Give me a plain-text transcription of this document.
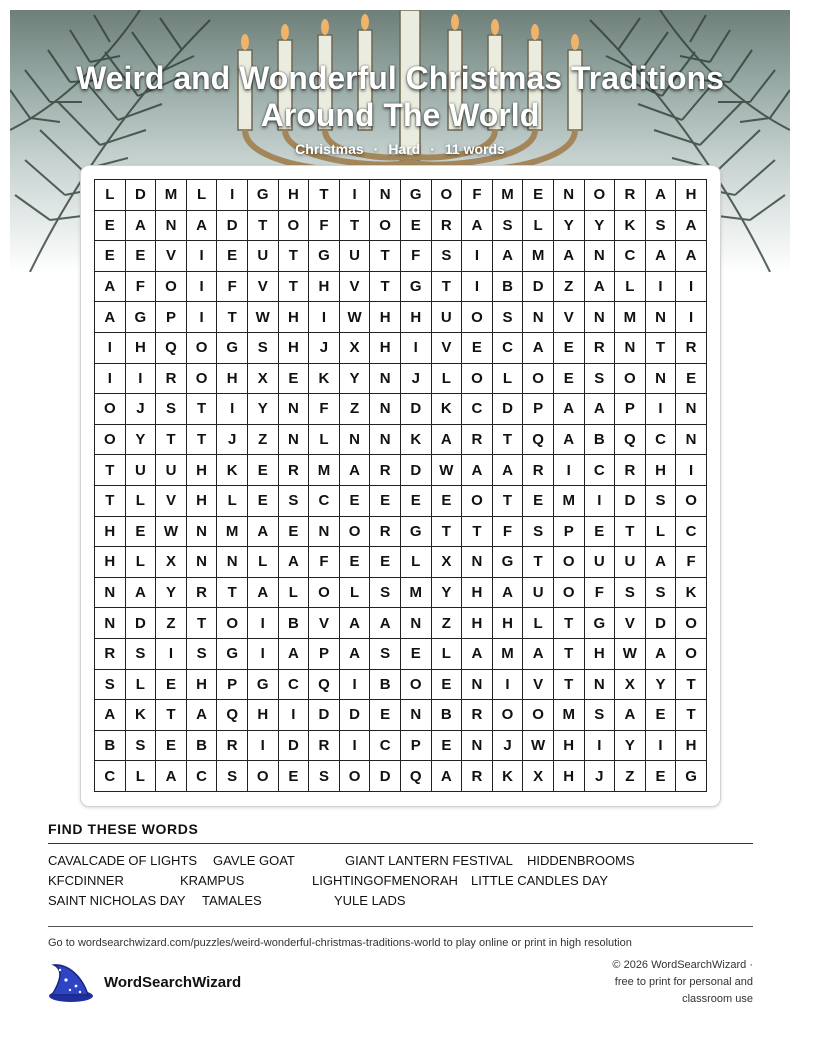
Weird and Wonderful Christmas Traditions Around The World
Christmas · Hard · 11 words
L	D	M	L	I	G	H	T	I	N	G	O	F	M	E	N	O	R	A	H
E	A	N	A	D	T	O	F	T	O	E	R	A	S	L	Y	Y	K	S	A
E	E	V	I	E	U	T	G	U	T	F	S	I	A	M	A	N	C	A	A
A	F	O	I	F	V	T	H	V	T	G	T	I	B	D	Z	A	L	I	I
A	G	P	I	T	W	H	I	W	H	H	U	O	S	N	V	N	M	N	I
I	H	Q	O	G	S	H	J	X	H	I	V	E	C	A	E	R	N	T	R
I	I	R	O	H	X	E	K	Y	N	J	L	O	L	O	E	S	O	N	E
O	J	S	T	I	Y	N	F	Z	N	D	K	C	D	P	A	A	P	I	N
O	Y	T	T	J	Z	N	L	N	N	K	A	R	T	Q	A	B	Q	C	N
T	U	U	H	K	E	R	M	A	R	D	W	A	A	R	I	C	R	H	I
T	L	V	H	L	E	S	C	E	E	E	E	O	T	E	M	I	D	S	O
H	E	W	N	M	A	E	N	O	R	G	T	T	F	S	P	E	T	L	C
H	L	X	N	N	L	A	F	E	E	L	X	N	G	T	O	U	U	A	F
N	A	Y	R	T	A	L	O	L	S	M	Y	H	A	U	O	F	S	S	K
N	D	Z	T	O	I	B	V	A	A	N	Z	H	H	L	T	G	V	D	O
R	S	I	S	G	I	A	P	A	S	E	L	A	M	A	T	H	W	A	O
S	L	E	H	P	G	C	Q	I	B	O	E	N	I	V	T	N	X	Y	T
A	K	T	A	Q	H	I	D	D	E	N	B	R	O	O	M	S	A	E	T
B	S	E	B	R	I	D	R	I	C	P	E	N	J	W	H	I	Y	I	H
C	L	A	C	S	O	E	S	O	D	Q	A	R	K	X	H	J	Z	E	G
FIND THESE WORDS
CAVALCADE OF LIGHTS GAVLE GOAT	GIANT LANTERN FESTIVAL HIDDENBROOMS
KFCDINNER	KRAMPUS	LIGHTINGOFMENORAH LITTLE CANDLES DAY
SAINT NICHOLAS DAY TAMALES	YULE LADS
Go to wordsearchwizard.com/puzzles/weird-wonderful-christmas-traditions-world to play online or print in high resolution
WordSearchWizard
© 2026 WordSearchWizard ·
free to print for personal and
classroom use
